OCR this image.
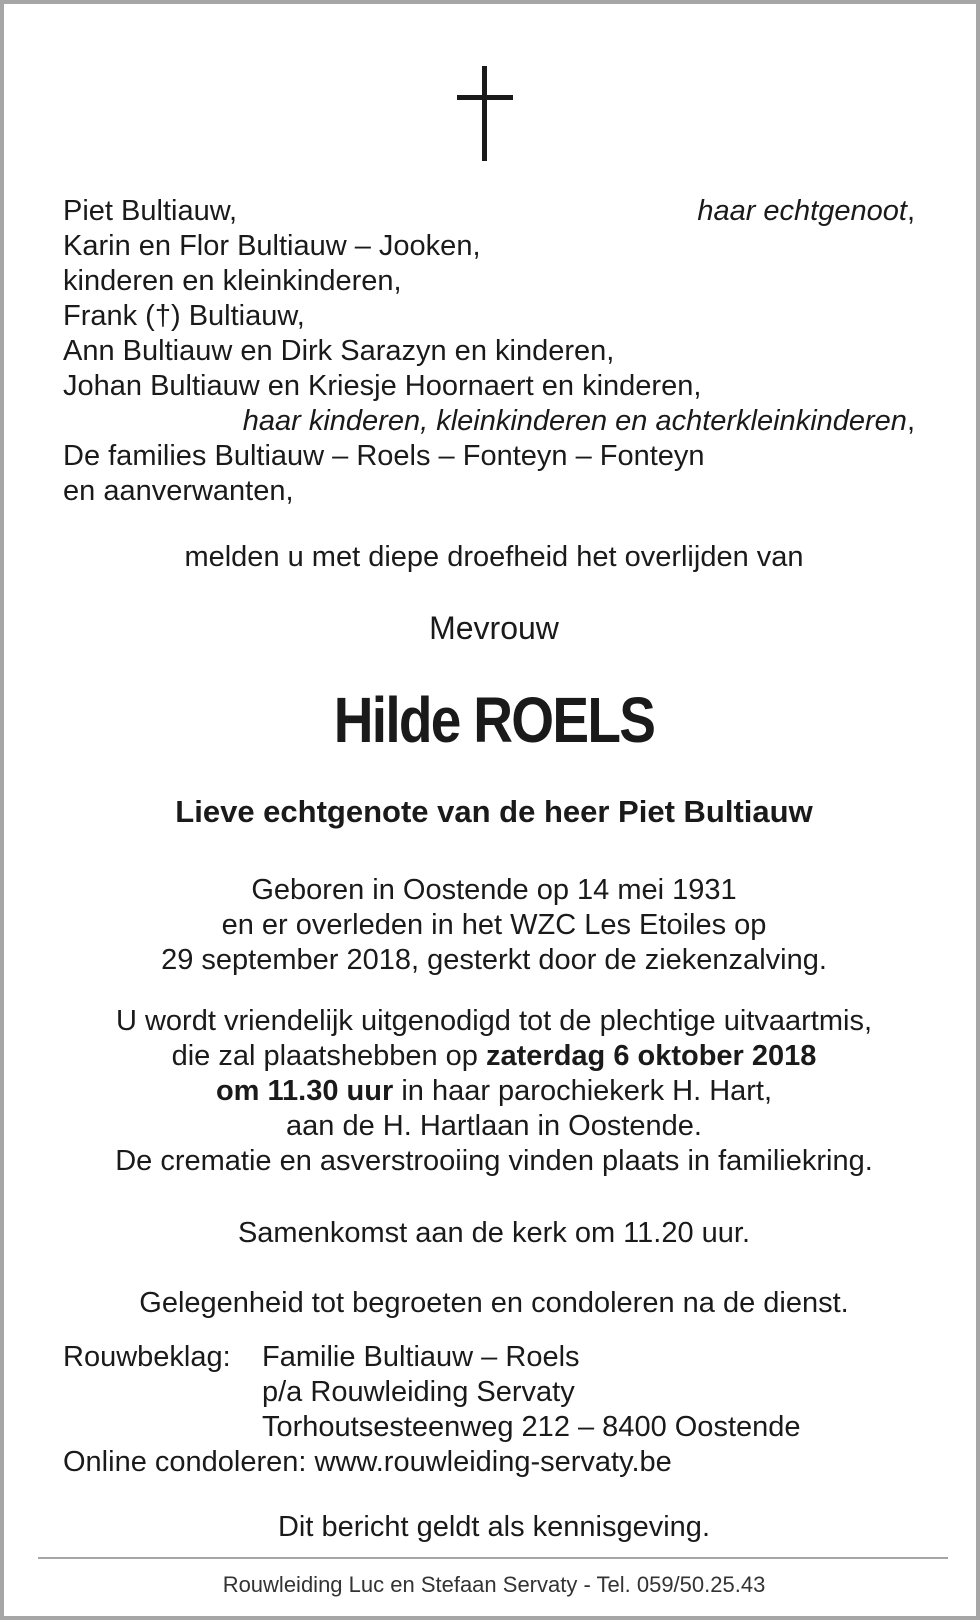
Piet Bultiauw,	haar echtgenoot,
Karin en Flor Bultiauw – Jooken,
kinderen en kleinkinderen,
Frank (†) Bultiauw,
Ann Bultiauw en Dirk Sarazyn en kinderen,
Johan Bultiauw en Kriesje Hoornaert en kinderen,
haar kinderen, kleinkinderen en achterkleinkinderen,
De families Bultiauw – Roels – Fonteyn – Fonteyn
en aanverwanten,
melden u met diepe droefheid het overlijden van
Mevrouw
Hilde ROELS
Lieve echtgenote van de heer Piet Bultiauw
Geboren in Oostende op 14 mei 1931
en er overleden in het WZC Les Etoiles op
29 september 2018, gesterkt door de ziekenzalving.
U wordt vriendelijk uitgenodigd tot de plechtige uitvaartmis,
die zal plaatshebben op zaterdag 6 oktober 2018
om 11.30 uur in haar parochiekerk H. Hart,
aan de H. Hartlaan in Oostende.
De crematie en asverstrooiing vinden plaats in familiekring.
Samenkomst aan de kerk om 11.20 uur.
Gelegenheid tot begroeten en condoleren na de dienst.
Rouwbeklag: Familie Bultiauw – Roels
p/a Rouwleiding Servaty
Torhoutsesteenweg 212 – 8400 Oostende
Online condoleren: www.rouwleiding-servaty.be
Dit bericht geldt als kennisgeving.
Rouwleiding Luc en Stefaan Servaty - Tel. 059/50.25.43
